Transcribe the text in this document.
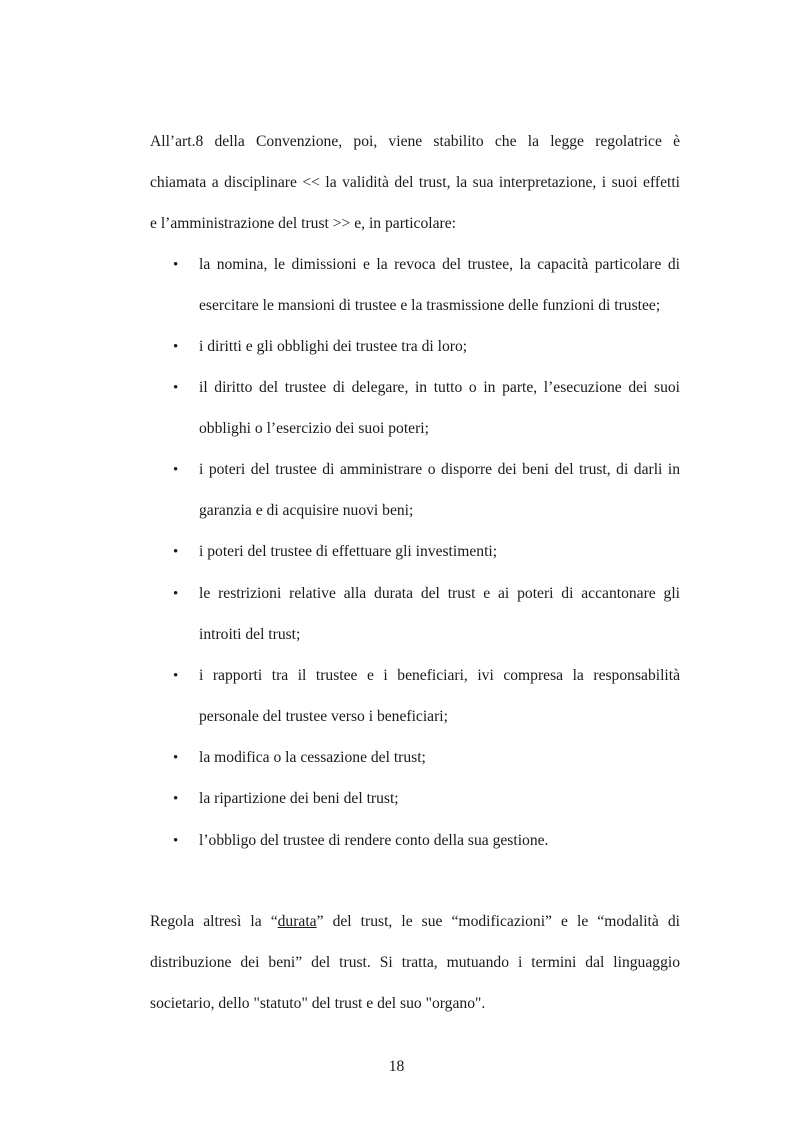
All’art.8 della Convenzione, poi, viene stabilito che la legge regolatrice è
chiamata a disciplinare << la validità del trust, la sua interpretazione, i suoi effetti
e l’amministrazione del trust >> e, in particolare:
•	la nomina, le dimissioni e la revoca del trustee, la capacità particolare di
esercitare le mansioni di trustee e la trasmissione delle funzioni di trustee;
•	i diritti e gli obblighi dei trustee tra di loro;
•	il diritto del trustee di delegare, in tutto o in parte, l’esecuzione dei suoi
obblighi o l’esercizio dei suoi poteri;
•	i poteri del trustee di amministrare o disporre dei beni del trust, di darli in
garanzia e di acquisire nuovi beni;
•	i poteri del trustee di effettuare gli investimenti;
•	le restrizioni relative alla durata del trust e ai poteri di accantonare gli
introiti del trust;
•	i rapporti tra il trustee e i beneficiari, ivi compresa la responsabilità
personale del trustee verso i beneficiari;
•	la modifica o la cessazione del trust;
•	la ripartizione dei beni del trust;
•	l’obbligo del trustee di rendere conto della sua gestione.
Regola altresì la “durata” del trust, le sue “modificazioni” e le “modalità di
distribuzione dei beni” del trust. Si tratta, mutuando i termini dal linguaggio
societario, dello "statuto" del trust e del suo "organo".
18
